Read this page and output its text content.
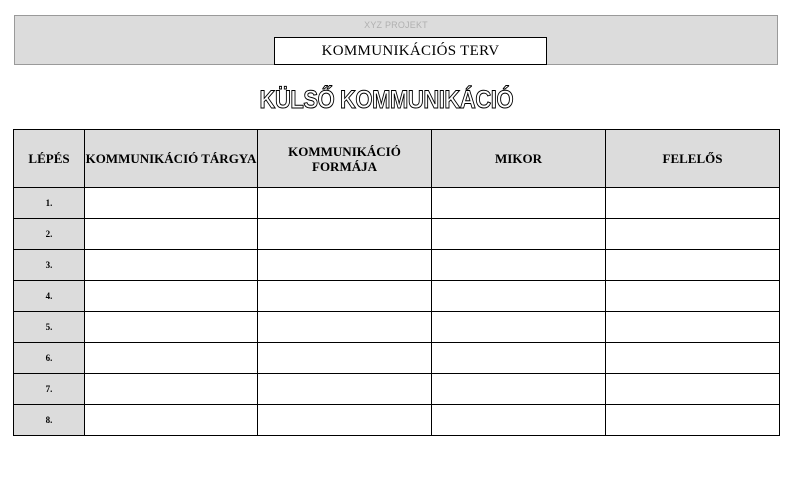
XYZ PROJEKT
KOMMUNIKÁCIÓS TERV
KÜLSŐ KOMMUNIKÁCIÓ
LÉPÉS	KOMMUNIKÁCIÓ TÁRGYA	KOMMUNIKÁCIÓ FORMÁJA	MIKOR	FELELŐS
1.				
2.				
3.				
4.				
5.				
6.				
7.				
8.				
